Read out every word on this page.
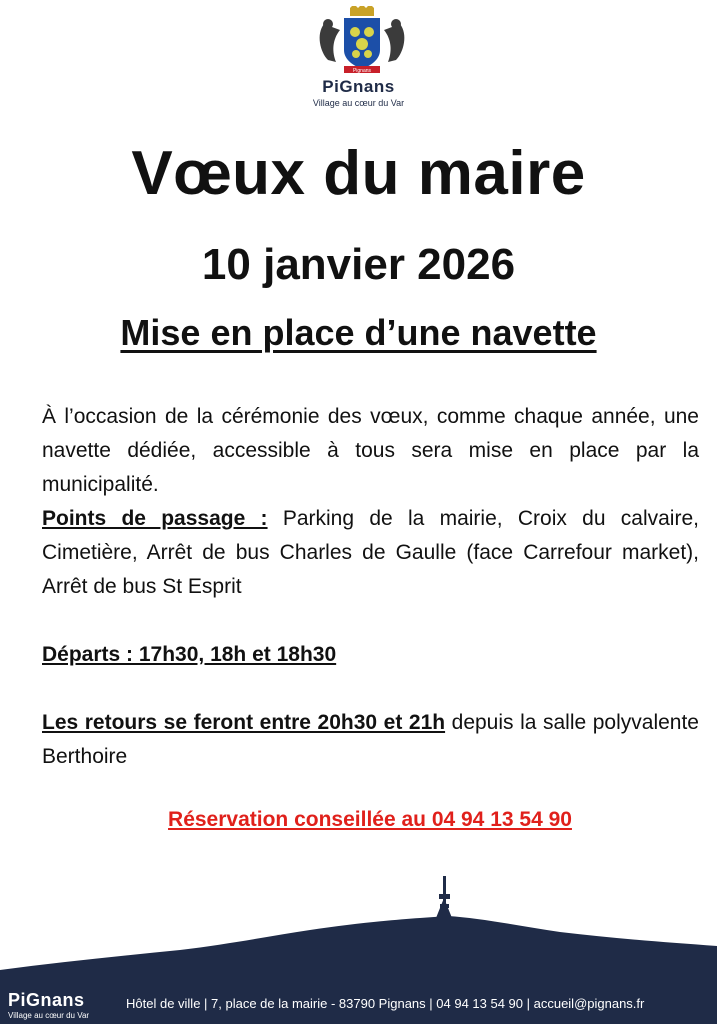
Pignans
PiGnans
Village au cœur du Var
Vœux du maire
10 janvier 2026
Mise en place d’une navette
À l’occasion de la cérémonie des vœux, comme chaque année, une navette dédiée, accessible à tous sera mise en place par la municipalité.
Points de passage : Parking de la mairie, Croix du calvaire, Cimetière, Arrêt de bus Charles de Gaulle (face Carrefour market), Arrêt de bus St Esprit
Départs : 17h30, 18h et 18h30
Les retours se feront entre 20h30 et 21h depuis la salle polyvalente Berthoire
Réservation conseillée au 04 94 13 54 90
PiGnans
Village au cœur du Var
Hôtel de ville | 7, place de la mairie - 83790 Pignans | 04 94 13 54 90 | accueil@pignans.fr
